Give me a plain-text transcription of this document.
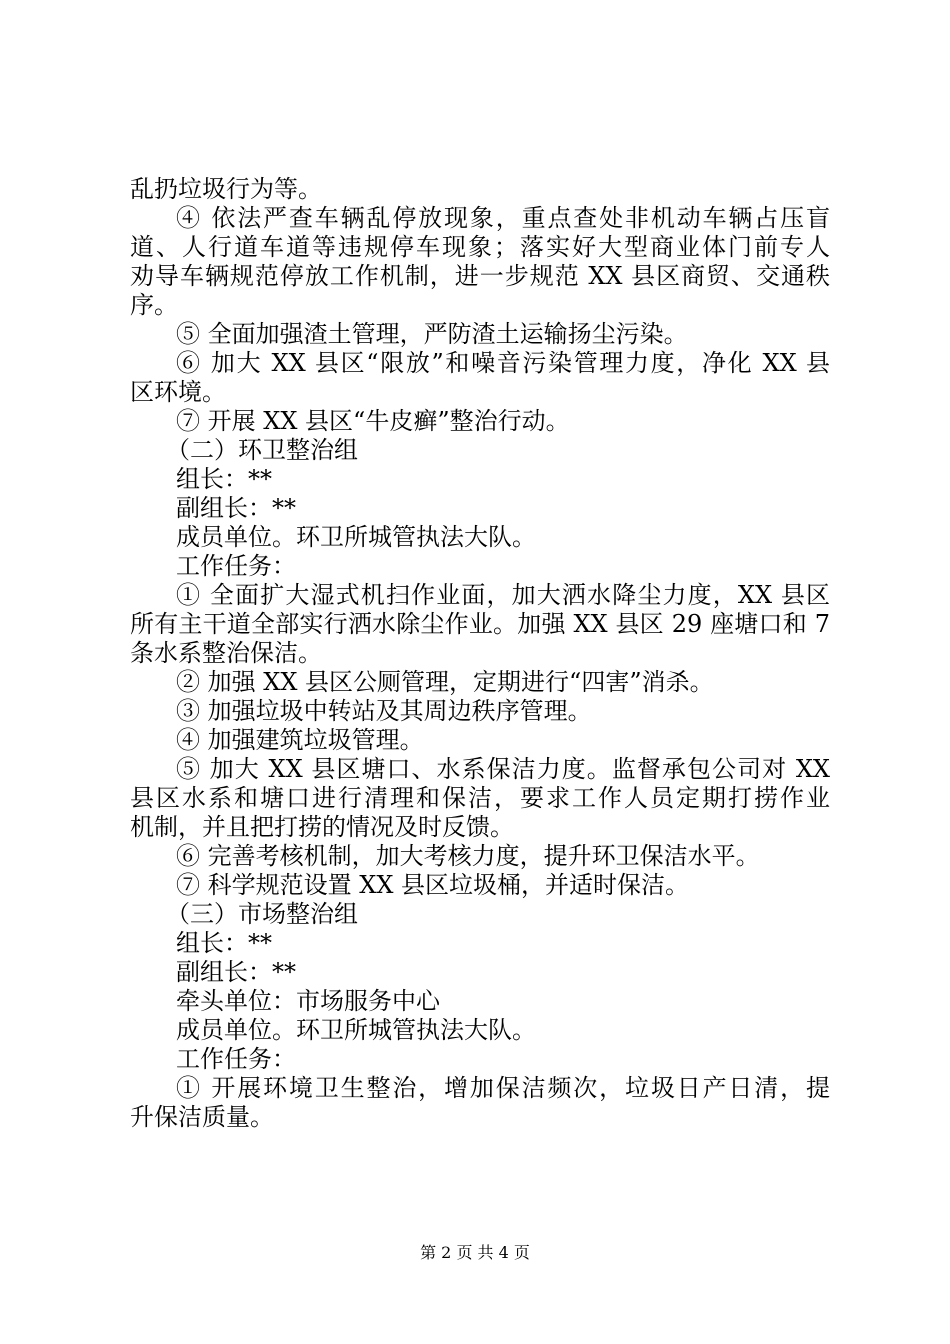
乱扔垃圾行为等。

④ 依法严查车辆乱停放现象，重点查处非机动车辆占压盲

道、人行道车道等违规停车现象；落实好大型商业体门前专人

劝导车辆规范停放工作机制，进一步规范 XX 县区商贸、交通秩

序。

⑤ 全面加强渣土管理，严防渣土运输扬尘污染。

⑥ 加大 XX 县区“限放”和噪音污染管理力度，净化 XX 县

区环境。

⑦ 开展 XX 县区“牛皮癣”整治行动。

（二）环卫整治组

组长：**

副组长：**

成员单位。环卫所城管执法大队。

工作任务：

① 全面扩大湿式机扫作业面，加大洒水降尘力度，XX 县区

所有主干道全部实行洒水除尘作业。加强 XX 县区 29 座塘口和 7

条水系整治保洁。

② 加强 XX 县区公厕管理，定期进行“四害”消杀。

③ 加强垃圾中转站及其周边秩序管理。

④ 加强建筑垃圾管理。

⑤ 加大 XX 县区塘口、水系保洁力度。监督承包公司对 XX

县区水系和塘口进行清理和保洁，要求工作人员定期打捞作业

机制，并且把打捞的情况及时反馈。

⑥ 完善考核机制，加大考核力度，提升环卫保洁水平。

⑦ 科学规范设置 XX 县区垃圾桶，并适时保洁。

（三）市场整治组

组长：**

副组长：**

牵头单位：市场服务中心

成员单位。环卫所城管执法大队。

工作任务：

① 开展环境卫生整治，增加保洁频次，垃圾日产日清，提

升保洁质量。

第 2 页 共 4 页
